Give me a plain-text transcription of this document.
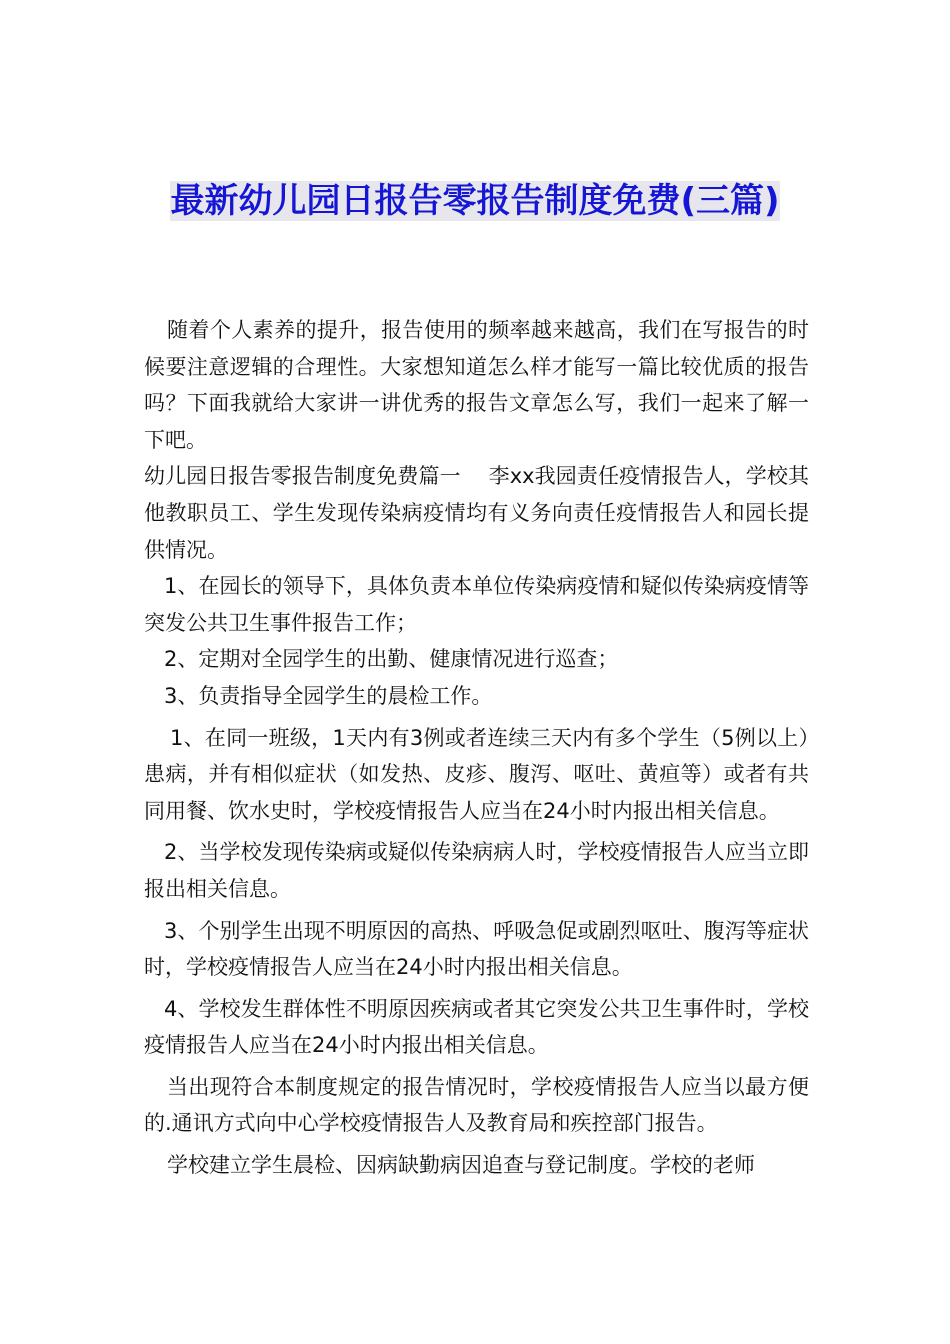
最新幼儿园日报告零报告制度免费(三篇)

随着个人素养的提升，报告使用的频率越来越高，我们在写报告的时候要注意逻辑的合理性。大家想知道怎么样才能写一篇比较优质的报告吗？下面我就给大家讲一讲优秀的报告文章怎么写，我们一起来了解一下吧。

幼儿园日报告零报告制度免费篇一　 李xx我园责任疫情报告人，学校其他教职员工、学生发现传染病疫情均有义务向责任疫情报告人和园长提供情况。

1、在园长的领导下，具体负责本单位传染病疫情和疑似传染病疫情等突发公共卫生事件报告工作；

2、定期对全园学生的出勤、健康情况进行巡查；

3、负责指导全园学生的晨检工作。

1、在同一班级，1天内有3例或者连续三天内有多个学生（5例以上）患病，并有相似症状（如发热、皮疹、腹泻、呕吐、黄疸等）或者有共同用餐、饮水史时，学校疫情报告人应当在24小时内报出相关信息。

2、当学校发现传染病或疑似传染病病人时，学校疫情报告人应当立即报出相关信息。

3、个别学生出现不明原因的高热、呼吸急促或剧烈呕吐、腹泻等症状时，学校疫情报告人应当在24小时内报出相关信息。

4、学校发生群体性不明原因疾病或者其它突发公共卫生事件时，学校疫情报告人应当在24小时内报出相关信息。

当出现符合本制度规定的报告情况时，学校疫情报告人应当以最方便的.通讯方式向中心学校疫情报告人及教育局和疾控部门报告。

学校建立学生晨检、因病缺勤病因追查与登记制度。学校的老师
